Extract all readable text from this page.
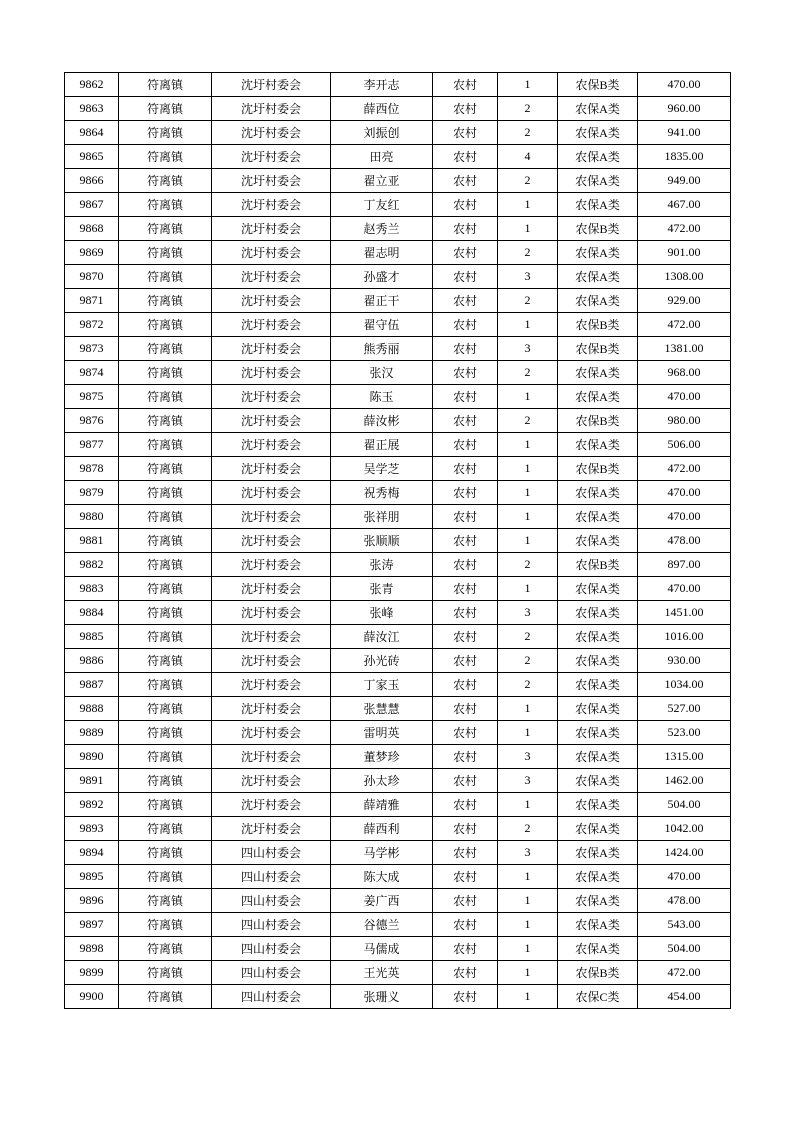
9862	符离镇	沈圩村委会	李开志	农村	1	农保B类	470.00
9863	符离镇	沈圩村委会	薛西位	农村	2	农保A类	960.00
9864	符离镇	沈圩村委会	刘振创	农村	2	农保A类	941.00
9865	符离镇	沈圩村委会	田亮	农村	4	农保A类	1835.00
9866	符离镇	沈圩村委会	翟立亚	农村	2	农保A类	949.00
9867	符离镇	沈圩村委会	丁友红	农村	1	农保A类	467.00
9868	符离镇	沈圩村委会	赵秀兰	农村	1	农保B类	472.00
9869	符离镇	沈圩村委会	翟志明	农村	2	农保A类	901.00
9870	符离镇	沈圩村委会	孙盛才	农村	3	农保A类	1308.00
9871	符离镇	沈圩村委会	翟正干	农村	2	农保A类	929.00
9872	符离镇	沈圩村委会	翟守伍	农村	1	农保B类	472.00
9873	符离镇	沈圩村委会	熊秀丽	农村	3	农保B类	1381.00
9874	符离镇	沈圩村委会	张汉	农村	2	农保A类	968.00
9875	符离镇	沈圩村委会	陈玉	农村	1	农保A类	470.00
9876	符离镇	沈圩村委会	薛汝彬	农村	2	农保B类	980.00
9877	符离镇	沈圩村委会	翟正展	农村	1	农保A类	506.00
9878	符离镇	沈圩村委会	吴学芝	农村	1	农保B类	472.00
9879	符离镇	沈圩村委会	祝秀梅	农村	1	农保A类	470.00
9880	符离镇	沈圩村委会	张祥朋	农村	1	农保A类	470.00
9881	符离镇	沈圩村委会	张顺顺	农村	1	农保A类	478.00
9882	符离镇	沈圩村委会	张涛	农村	2	农保B类	897.00
9883	符离镇	沈圩村委会	张青	农村	1	农保A类	470.00
9884	符离镇	沈圩村委会	张峰	农村	3	农保A类	1451.00
9885	符离镇	沈圩村委会	薛汝江	农村	2	农保A类	1016.00
9886	符离镇	沈圩村委会	孙光砖	农村	2	农保A类	930.00
9887	符离镇	沈圩村委会	丁家玉	农村	2	农保A类	1034.00
9888	符离镇	沈圩村委会	张慧慧	农村	1	农保A类	527.00
9889	符离镇	沈圩村委会	雷明英	农村	1	农保A类	523.00
9890	符离镇	沈圩村委会	董梦珍	农村	3	农保A类	1315.00
9891	符离镇	沈圩村委会	孙太珍	农村	3	农保A类	1462.00
9892	符离镇	沈圩村委会	薛靖雅	农村	1	农保A类	504.00
9893	符离镇	沈圩村委会	薛西利	农村	2	农保A类	1042.00
9894	符离镇	四山村委会	马学彬	农村	3	农保A类	1424.00
9895	符离镇	四山村委会	陈大成	农村	1	农保A类	470.00
9896	符离镇	四山村委会	姜广西	农村	1	农保A类	478.00
9897	符离镇	四山村委会	谷德兰	农村	1	农保A类	543.00
9898	符离镇	四山村委会	马儒成	农村	1	农保A类	504.00
9899	符离镇	四山村委会	王光英	农村	1	农保B类	472.00
9900	符离镇	四山村委会	张珊义	农村	1	农保C类	454.00
